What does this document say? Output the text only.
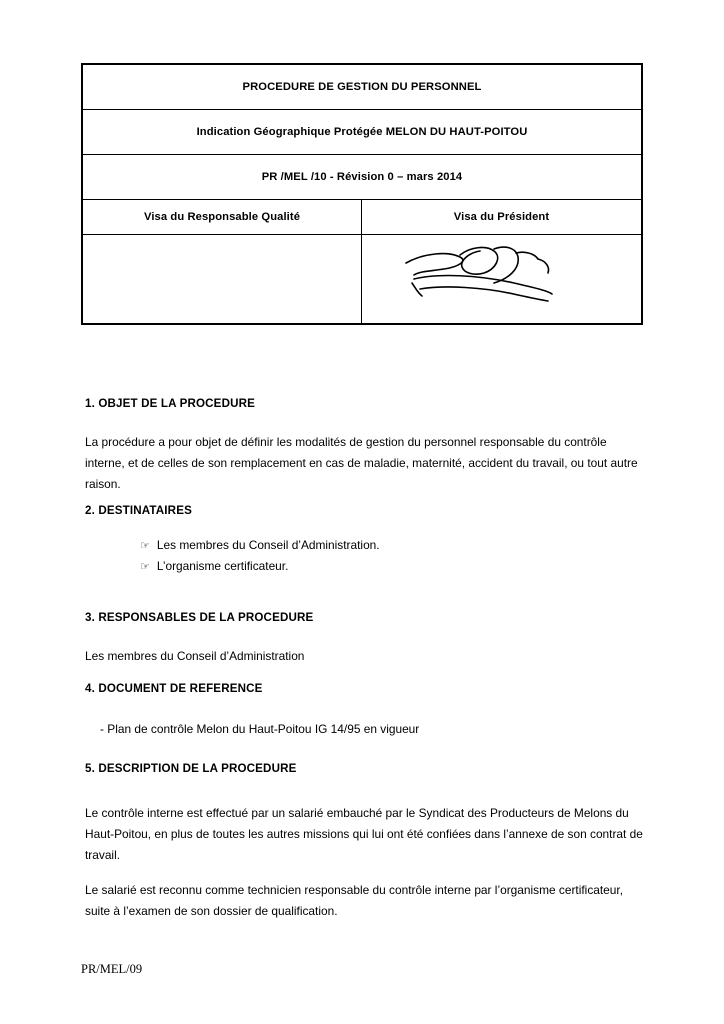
PROCEDURE DE GESTION DU PERSONNEL
Indication Géographique Protégée MELON DU HAUT-POITOU
PR /MEL /10 - Révision 0 – mars 2014
Visa du Responsable Qualité	Visa du Président
1. OBJET DE LA PROCEDURE
La procédure a pour objet de définir les modalités de gestion du personnel responsable du contrôle interne, et de celles de son remplacement en cas de maladie, maternité, accident du travail, ou tout autre raison.
2. DESTINATAIRES
☞ Les membres du Conseil d’Administration.
☞ L’organisme certificateur.
3. RESPONSABLES DE LA PROCEDURE
Les membres du Conseil d’Administration
4. DOCUMENT DE REFERENCE
- Plan de contrôle Melon du Haut-Poitou IG 14/95 en vigueur
5. DESCRIPTION DE LA PROCEDURE
Le contrôle interne est effectué par un salarié embauché par le Syndicat des Producteurs de Melons du Haut-Poitou, en plus de toutes les autres missions qui lui ont été confiées dans l’annexe de son contrat de travail.
Le salarié est reconnu comme technicien responsable du contrôle interne par l’organisme certificateur, suite à l’examen de son dossier de qualification.
PR/MEL/09
